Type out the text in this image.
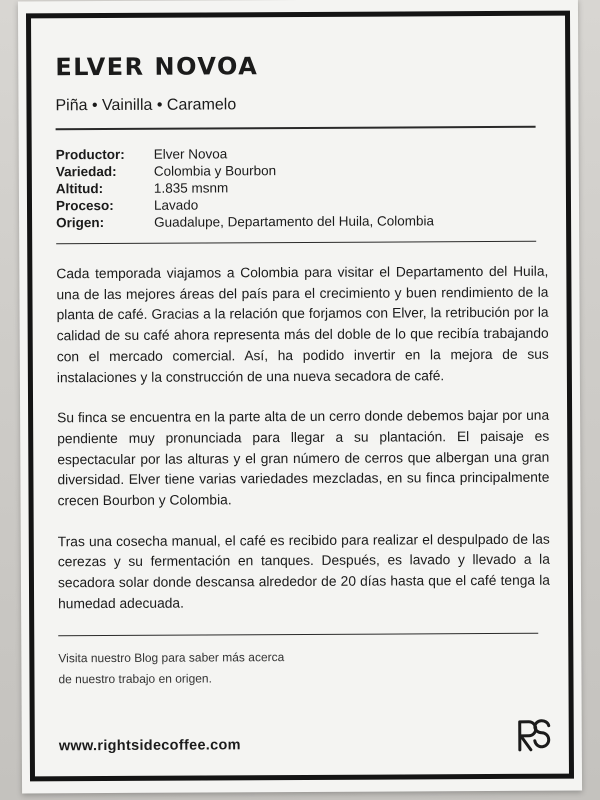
ELVER NOVOA
Piña • Vainilla • Caramelo
Productor:	Elver Novoa
Variedad:	Colombia y Bourbon
Altitud:	1.835 msnm
Proceso:	Lavado
Origen:	Guadalupe, Departamento del Huila, Colombia

Cada temporada viajamos a Colombia para visitar el Departamento del Huila, una de las mejores áreas del país para el crecimiento y buen rendimiento de la planta de café. Gracias a la relación que forjamos con Elver, la retribución por la calidad de su café ahora representa más del doble de lo que recibía trabajando con el mercado comercial. Así, ha podido invertir en la mejora de sus instalaciones y la construcción de una nueva secadora de café.

Su finca se encuentra en la parte alta de un cerro donde debemos bajar por una pendiente muy pronunciada para llegar a su plantación. El paisaje es espectacular por las alturas y el gran número de cerros que albergan una gran diversidad. Elver tiene varias variedades mezcladas, en su finca principalmente crecen Bourbon y Colombia.

Tras una cosecha manual, el café es recibido para realizar el despulpado de las cerezas y su fermentación en tanques. Después, es lavado y llevado a la secadora solar donde descansa alrededor de 20 días hasta que el café tenga la humedad adecuada.

Visita nuestro Blog para saber más acerca
de nuestro trabajo en origen.
www.rightsidecoffee.com
